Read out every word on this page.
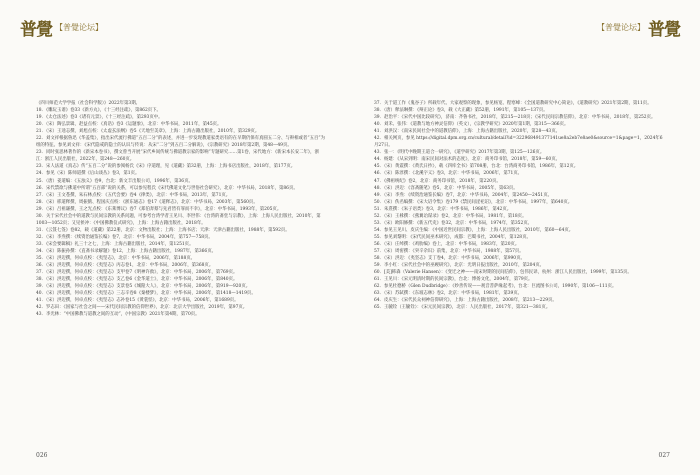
普覺 【普覺论坛】

（四川师范大学学报（社会科学版）》2022年第3期。

18．《雕玩玉谱》卷33《新方丸》，《十三经注疏》，第862页下。

19．《太仓法述》卷3《诸有元景》，《十三经注疏》，第293页中。

20．（宋）陶弘景辑，赵益点校：《真诰》卷3《运题象》，北京：中华书局，2011年，第45页。

21．（宋）王逵志撰，刘旭点校：《太虚玄法纲》卷5《天地至美章》，上海：上海古籍出版社，2010年，第329页。

22．刘文祥根据鲁迅《华盖集》，指出宋代流行佛道“五百二分”的表述，并进一步发现教道家类语有的在早期仍保有真圆五二分、与辩相或者“五百”为组的特征。参见刘文祥：《宋代隐戒的隐士的认识与传说：从宋“二分”到五百二分解说》，《宗教研究》2018年第2期，第48—49页。

23．同时张思林著作的《新宋本卷书》，撰文曾当开展“宋代乡间传统与佛道教宗家的影响”专题研究……第1卷，宋代地方：《新宋本长安二年》，浙江：浙江人民出版社，2022年，第248—260页。

23．宋人法道《真志》传“五百二分”说的参阅杨氏《宋》序道理，见《道藏》第32册，上海：上海书店出版社，2018年，第177页。

24．参见（宋）陈师道撰《后山谈丛》卷3，第1页。

25．（唐）姜道编：《五浊义》卷9，台北：新文丰出版公司，1996年，第36页。

26．宋代禁欲与佛道中所谓“五百部”说的关系，可以参见程氏《宋代佛道文化与世俗社会研究》，北京：中华书局，2018年，第86页。

27．（宋）王文苍撰，朱石林点校：《五代会要》卷4《律类》，北京：中华书局，2013年，第71页。

28．（宋）邢道释撰，周振鹤、程国庆点校：《浙东通志》卷17《道释志》，北京：中华书局，2003年，第560页。

29．（宋）吕祖谦撰，王之光点校：《东莱博议》卷7《郑伯奔蔡与先君皆有罪而不幸》，北京：中华书局，1993年，第205页。

30．关于宋代社会中的道教与民间宗教的关系问题，可参考台湾学者王见川、李世伟：《台湾的斋堂与宗教》，上海：上海人民出版社，2010年，第1003—1052页；又见侯冲：《中国佛教仪式研究》，上海：上海古籍出版社，2018年。

31．《云笈七签》卷82，载《道藏》第22册，北京：文物出版社；上海：上海书店；天津：天津古籍出版社，1988年，第592页。

32．（宋）李焘撰：《续资治通鉴长编》卷7，北京：中华书局，2004年，第757—758页。

33．《宋会要辑稿》礼三十之七，上海：上海古籍出版社，2014年，第1251页。

34．（宋）陈振孙撰：《直斋书录解题》卷12，上海：上海古籍出版社，1987年，第366页。

35．（宋）洪迈撰，何卓点校：《夷坚志》，北京：中华书局，2006年，第188页。

36．（宋）洪迈撰，何卓点校：《夷坚志》丙志卷1，北京：中华书局，2006年，第368页。

37．（宋）洪迈撰，何卓点校：《夷坚志》支甲卷7《明神许救》，北京：中华书局，2006年，第769页。

38．（宋）洪迈撰，何卓点校：《夷坚志》支乙卷6《金华道士》，北京：中华书局，2006年，第840页。

39．（宋）洪迈撰，何卓点校：《夷坚志》支景卷5《城隍大人》，北京：中华书局，2006年，第919—920页。

40．（宋）洪迈撰，何卓点校：《夷坚志》三志辛卷8《秦楼梦》，北京：中华书局，2006年，第1418—1419页。

41．（宋）洪迈撰，何卓点校：《夷坚志》志补卷15《黄裳怪》，北京：中华书局，2006年，第1689页。

42．罗志田：《国家与社会之间——宋代民间宗教的信仰世界》，北京：北京大学出版社，2019年，第97页。

43．李光林：“中国佛教与道教之间的互动”，《中国宗教》2021年第4期，第70页。

026
【普覺论坛】 普覺

37．关于道工作《鬼谷子》所载年代、大家观察的现象，参见杨宽、程寒峰：《全国道教研究中心简论》，《道教研究》2021年第2期，第11页。

38．（唐）释法琳撰：《辩正论》卷3，载《大正藏》第52册，1991年，第105—137页。

39．赵治平：《宋代中国比较研究》，济南：齐鲁书社，2018年，第215—218页；《宋代民间宗教信仰》，北京：中华书局，2018年，第252页。

40．刘禾、张伟：《道教与地方神灵信仰》（英文），《宗教学研究》2020年第1期，第315—366页。

41．刘洪汉：《南宋民间社会中的道教信仰》，上海：上海古籍出版社，2020年，第28—43页。

42．相关网页，参见 https://digital.dpm.org.cn/cultural/detail?id=322968491377141ue8a2eb7e8ae0&source=1&page=1，2024年6月27日。

43．张一：《明代中晚期王道合一研究》，《道学研究》2017年第3期，第125—126页。

44．杨建：《从宋到明：南宋民间对法术的态度》，北京：商务印书馆，2018年，第59—60页。

45．（宋）黄震撰：《黄氏日抄》，载《四库全书》第708册，台北：台湾商务印书馆，1986年，第12页。

46．（宋）陈淳撰：《北溪字义》卷3，北京：中华书局，2006年，第71页。

47．《佛祖统纪》卷2，北京：商务印书馆，2018年，第220页。

48．（宋）洪迈：《容斋随笔》卷5，北京：中华书局，2005年，第63页。

49．（宋）李焘：《续资治通鉴长编》卷7，北京：中华书局，2004年，第2450—2451页。

50．（宋）佚名编撰：《宋大诏令集》卷179《禁民间淫祀诏》，北京：中华书局，1997年，第640页。

51．朱熹撰：《朱子语类》卷3，北京：中华书局，1986年，第42页。

52．（宋）王栐撰：《燕翼诒谋录》卷2，北京：中华书局，1981年，第18页。

53．（宋）欧阳修撰：《新五代史》卷32，北京：中华书局，1974年，第352页。

54．参见王见川、皮庆生编：《中国近世民间宗教》，上海：上海人民出版社，2010年，第60—64页。

55．参见刘黎明：《宋代民间巫术研究》，成都：巴蜀书社，2004年，第128页。

56．（宋）庄绰撰：《鸡肋编》卷上，北京：中华书局，1983年，第20页。

57．（宋）周密撰：《癸辛杂识》前集，北京：中华书局，1988年，第57页。

58．（宋）洪迈：《夷坚志》支丁卷4，北京：中华书局，2006年，第990页。

59．李小红：《宋代社会中的巫觋研究》，北京：光明日报出版社，2010年，第204页。

60．[美]韩森（Valerie Hansen）：《变迁之神——南宋时期的民间信仰》，包伟民译，杭州：浙江人民出版社，1999年，第135页。

61．王见川：《宋元明清时期的民间宗教》，台北：博扬文化，2004年，第79页。

62．参见杜德桥（Glen Dudbridge）：《妙善传说——观音菩萨缘起考》，台北：巨流图书公司，1990年，第106—111页。

63．（宋）苏轼撰：《东坡志林》卷2，北京：中华书局，1981年，第39页。

64．皮庆生：《宋代民众祠神信仰研究》，上海：上海古籍出版社，2008年，第213—229页。

65．王毓铨（王毓铨）：《宋元民间宗教》，北京：人民出版社，2017年，第321—381页。

027
